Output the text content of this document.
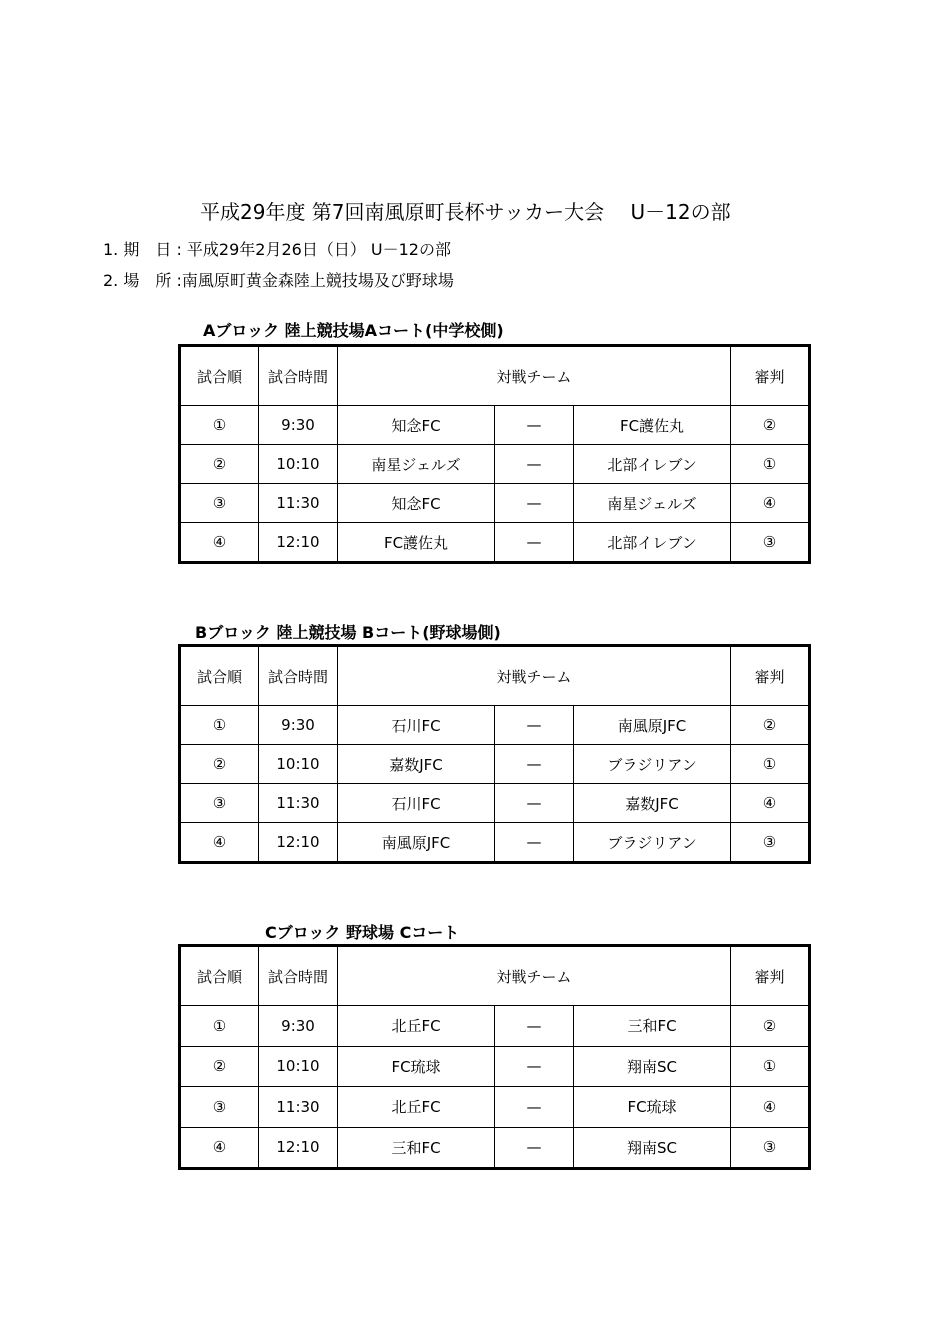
平成29年度 第7回南風原町長杯サッカー大会　 U－12の部
1. 期　日 : 平成29年2月26日（日） U－12の部
2. 場　所 :南風原町黄金森陸上競技場及び野球場
Aブロック 陸上競技場Aコート(中学校側)
試合順	試合時間	対戦チーム			審判
①	9:30	知念FC	—	FC護佐丸	②
②	10:10	南星ジェルズ	—	北部イレブン	①
③	11:30	知念FC	—	南星ジェルズ	④
④	12:10	FC護佐丸	—	北部イレブン	③
Bブロック 陸上競技場 Bコート(野球場側)
試合順	試合時間	対戦チーム			審判
①	9:30	石川FC	—	南風原JFC	②
②	10:10	嘉数JFC	—	ブラジリアン	①
③	11:30	石川FC	—	嘉数JFC	④
④	12:10	南風原JFC	—	ブラジリアン	③
Cブロック 野球場 Cコート
試合順	試合時間	対戦チーム			審判
①	9:30	北丘FC	—	三和FC	②
②	10:10	FC琉球	—	翔南SC	①
③	11:30	北丘FC	—	FC琉球	④
④	12:10	三和FC	—	翔南SC	③
